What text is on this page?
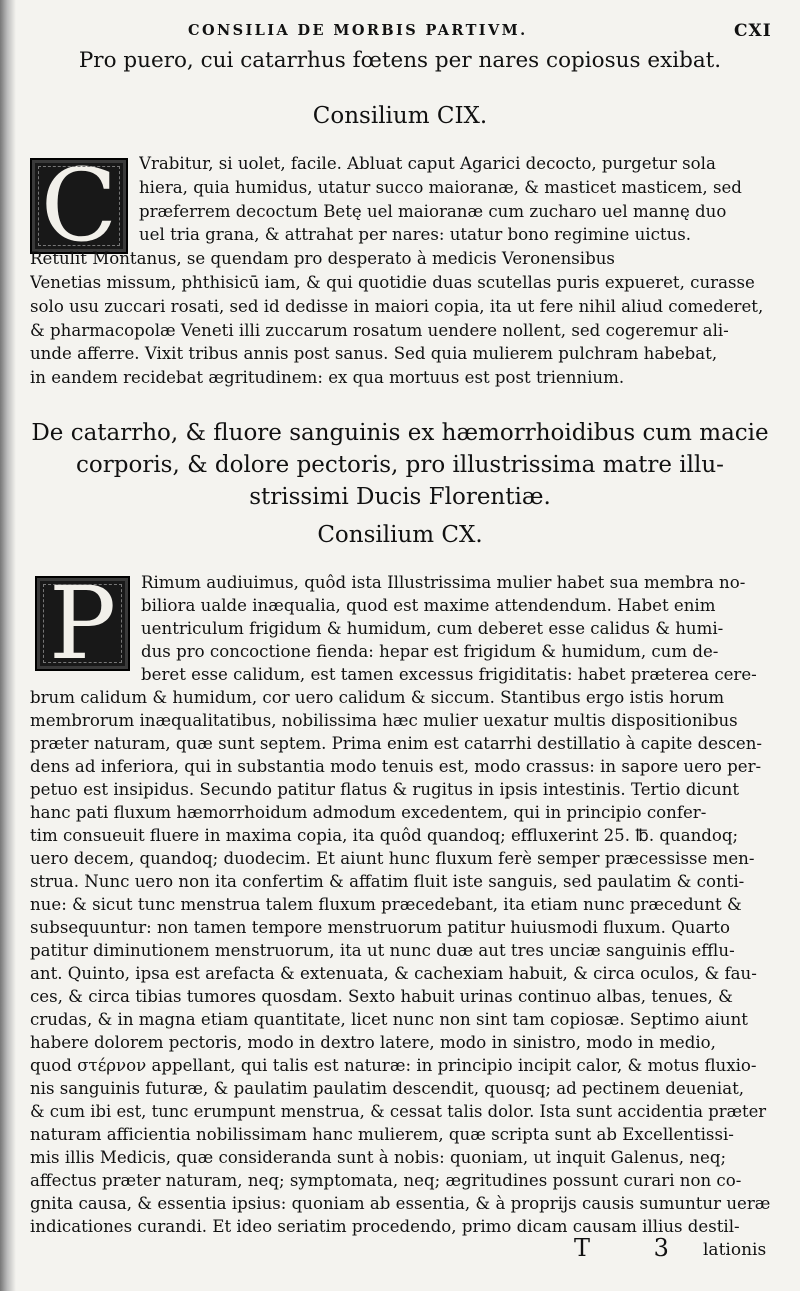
CONSILIA DE MORBIS PARTIVM.	CXI
Pro puero, cui catarrhus fœtens per nares copiosus exibat.
Consilium CIX.
C Vrabitur, si uolet, facile. Abluat caput Agarici decocto, purgetur sola
hiera, quia humidus, utatur succo maioranæ, & masticet masticem, sed
præferrem decoctum Betę uel maioranæ cum zucharo uel mannę duo
uel tria grana, & attrahat per nares: utatur bono regimine uictus.
Retulit Montanus, se quendam pro desperato à medicis Veronensibus
Venetias missum, phthisicū iam, & qui quotidie duas scutellas puris expueret, curasse
solo usu zuccari rosati, sed id dedisse in maiori copia, ita ut fere nihil aliud comederet,
& pharmacopolæ Veneti illi zuccarum rosatum uendere nollent, sed cogeremur ali-
unde afferre. Vixit tribus annis post sanus. Sed quia mulierem pulchram habebat,
in eandem recidebat ægritudinem: ex qua mortuus est post triennium.
De catarrho, & fluore sanguinis ex hæmorrhoidibus cum macie
corporis, & dolore pectoris, pro illustrissima matre illu-
strissimi Ducis Florentiæ.
Consilium CX.
P Rimum audiuimus, quôd ista Illustrissima mulier habet sua membra no-
biliora ualde inæqualia, quod est maxime attendendum. Habet enim
uentriculum frigidum & humidum, cum deberet esse calidus & humi-
dus pro concoctione fienda: hepar est frigidum & humidum, cum de-
beret esse calidum, est tamen excessus frigiditatis: habet præterea cere-
brum calidum & humidum, cor uero calidum & siccum. Stantibus ergo istis horum
membrorum inæqualitatibus, nobilissima hæc mulier uexatur multis dispositionibus
præter naturam, quæ sunt septem. Prima enim est catarrhi destillatio à capite descen-
dens ad inferiora, qui in substantia modo tenuis est, modo crassus: in sapore uero per-
petuo est insipidus. Secundo patitur flatus & rugitus in ipsis intestinis. Tertio dicunt
hanc pati fluxum hæmorrhoidum admodum excedentem, qui in principio confer-
tim consueuit fluere in maxima copia, ita quôd quandoq; effluxerint 25. ℔. quandoq;
uero decem, quandoq; duodecim. Et aiunt hunc fluxum ferè semper præcessisse men-
strua. Nunc uero non ita confertim & affatim fluit iste sanguis, sed paulatim & conti-
nue: & sicut tunc menstrua talem fluxum præcedebant, ita etiam nunc præcedunt &
subsequuntur: non tamen tempore menstruorum patitur huiusmodi fluxum. Quarto
patitur diminutionem menstruorum, ita ut nunc duæ aut tres unciæ sanguinis efflu-
ant. Quinto, ipsa est arefacta & extenuata, & cachexiam habuit, & circa oculos, & fau-
ces, & circa tibias tumores quosdam. Sexto habuit urinas continuo albas, tenues, &
crudas, & in magna etiam quantitate, licet nunc non sint tam copiosæ. Septimo aiunt
habere dolorem pectoris, modo in dextro latere, modo in sinistro, modo in medio,
quod στέρνον appellant, qui talis est naturæ: in principio incipit calor, & motus fluxio-
nis sanguinis futuræ, & paulatim paulatim descendit, quousq; ad pectinem deueniat,
& cum ibi est, tunc erumpunt menstrua, & cessat talis dolor. Ista sunt accidentia præter
naturam afficientia nobilissimam hanc mulierem, quæ scripta sunt ab Excellentissi-
mis illis Medicis, quæ consideranda sunt à nobis: quoniam, ut inquit Galenus, neq;
affectus præter naturam, neq; symptomata, neq; ægritudines possunt curari non co-
gnita causa, & essentia ipsius: quoniam ab essentia, & à proprijs causis sumuntur ueræ
indicationes curandi. Et ideo seriatim procedendo, primo dicam causam illius destil-
T 3 lationis
